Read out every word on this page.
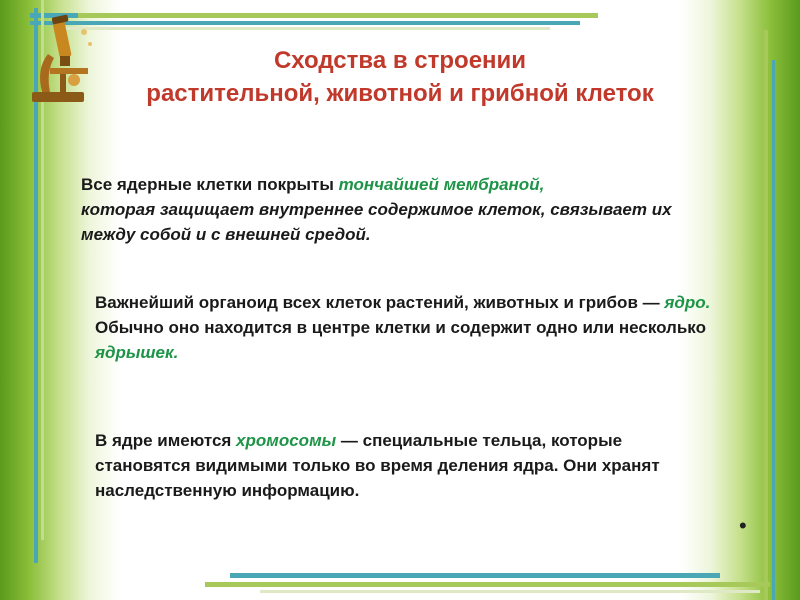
Сходства в строении
растительной, животной и грибной клеток
Все ядерные клетки покрыты тончайшей мембраной,
которая защищает внутреннее содержимое клеток, связывает их между собой и с внешней средой.
Важнейший органоид всех клеток растений, животных и грибов — ядро. Обычно оно находится в центре клетки и содержит одно или несколько ядрышек.
В ядре имеются хромосомы — специальные тельца, которые становятся видимыми только во время деления ядра. Они хранят наследственную информацию.
•
